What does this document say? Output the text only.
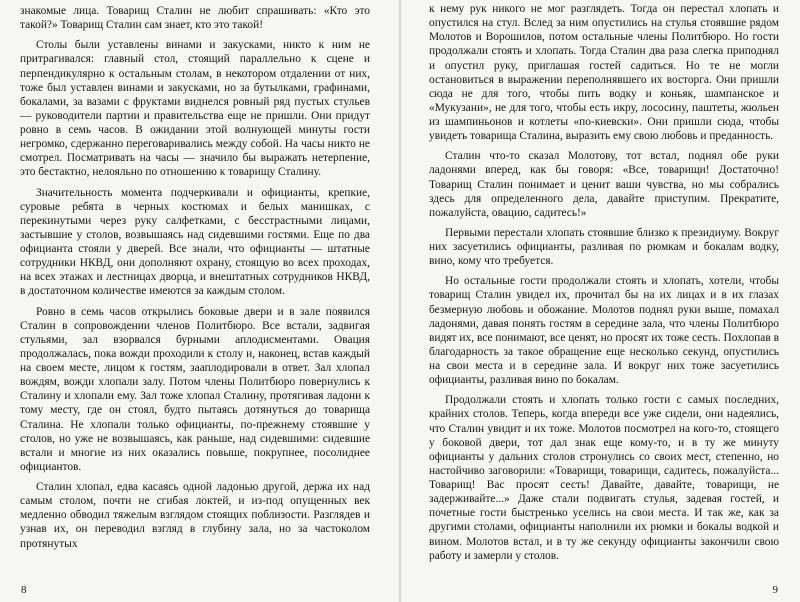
знакомые лица. Товарищ Сталин не любит спрашивать: «Кто это такой?» Товарищ Сталин сам знает, кто это такой!

Столы были уставлены винами и закусками, никто к ним не притрагивался: главный стол, стоящий параллельно к сцене и перпендикулярно к остальным столам, в некотором отдалении от них, тоже был уставлен винами и закусками, но за бутылками, графинами, бокалами, за вазами с фруктами виднелся ровный ряд пустых стульев — руководители партии и правительства еще не пришли. Они придут ровно в семь часов. В ожидании этой волнующей минуты гости негромко, сдержанно переговаривались между собой. На часы никто не смотрел. Посматривать на часы — значило бы выражать нетерпение, это бестактно, нелояльно по отношению к товарищу Сталину.

Значительность момента подчеркивали и официанты, крепкие, суровые ребята в черных костюмах и белых манишках, с перекинутыми через руку салфетками, с бесстрастными лицами, застывшие у столов, возвышаясь над сидевшими гостями. Еще по два официанта стояли у дверей. Все знали, что официанты — штатные сотрудники НКВД, они дополняют охрану, стоящую во всех проходах, на всех этажах и лестницах дворца, и внештатных сотрудников НКВД, в достаточном количестве имеются за каждым столом.

Ровно в семь часов открылись боковые двери и в зале появился Сталин в сопровождении членов Политбюро. Все встали, задвигая стульями, зал взорвался бурными аплодисментами. Овация продолжалась, пока вожди проходили к столу и, наконец, встав каждый на своем месте, лицом к гостям, зааплодировали в ответ. Зал хлопал вождям, вожди хлопали залу. Потом члены Политбюро повернулись к Сталину и хлопали ему. Зал тоже хлопал Сталину, протягивая ладони к тому месту, где он стоял, будто пытаясь дотянуться до товарища Сталина. Не хлопали только официанты, по-прежнему стоявшие у столов, но уже не возвышаясь, как раньше, над сидевшими: сидевшие встали и многие из них оказались повыше, покрупнее, посолиднее официантов.

Сталин хлопал, едва касаясь одной ладонью другой, держа их над самым столом, почти не сгибая локтей, и из-под опущенных век медленно обводил тяжелым взглядом стоящих поблизости. Разглядев и узнав их, он переводил взгляд в глубину зала, но за частоколом протянутых

8

к нему рук никого не мог разглядеть. Тогда он перестал хлопать и опустился на стул. Вслед за ним опустились на стулья стоявшие рядом Молотов и Ворошилов, потом остальные члены Политбюро. Но гости продолжали стоять и хлопать. Тогда Сталин два раза слегка приподнял и опустил руку, приглашая гостей садиться. Но те не могли остановиться в выражении переполнявшего их восторга. Они пришли сюда не для того, чтобы пить водку и коньяк, шампанское и «Мукузани», не для того, чтобы есть икру, лососину, паштеты, жюльен из шампиньонов и котлеты «по-киевски». Они пришли сюда, чтобы увидеть товарища Сталина, выразить ему свою любовь и преданность.

Сталин что-то сказал Молотову, тот встал, поднял обе руки ладонями вперед, как бы говоря: «Все, товарищи! Достаточно! Товарищ Сталин понимает и ценит ваши чувства, но мы собрались здесь для определенного дела, давайте приступим. Прекратите, пожалуйста, овацию, садитесь!»

Первыми перестали хлопать стоявшие близко к президиуму. Вокруг них засуетились официанты, разливая по рюмкам и бокалам водку, вино, кому что требуется.

Но остальные гости продолжали стоять и хлопать, хотели, чтобы товарищ Сталин увидел их, прочитал бы на их лицах и в их глазах безмерную любовь и обожание. Молотов поднял руки выше, помахал ладонями, давая понять гостям в середине зала, что члены Политбюро видят их, все понимают, все ценят, но просят их тоже сесть. Похлопав в благодарность за такое обращение еще несколько секунд, опустились на свои места и в середине зала. И вокруг них тоже засуетились официанты, разливая вино по бокалам.

Продолжали стоять и хлопать только гости с самых последних, крайних столов. Теперь, когда впереди все уже сидели, они надеялись, что Сталин увидит и их тоже. Молотов посмотрел на кого-то, стоящего у боковой двери, тот дал знак еще кому-то, и в ту же минуту официанты у дальних столов стронулись со своих мест, степенно, но настойчиво заговорили: «Товарищи, товарищи, садитесь, пожалуйста... Товарищ! Вас просят сесть! Давайте, давайте, товарищи, не задерживайте...» Даже стали подвигать стулья, задевая гостей, и почетные гости быстренько уселись на свои места. И так же, как за другими столами, официанты наполнили их рюмки и бокалы водкой и вином. Молотов встал, и в ту же секунду официанты закончили свою работу и замерли у столов.

9
